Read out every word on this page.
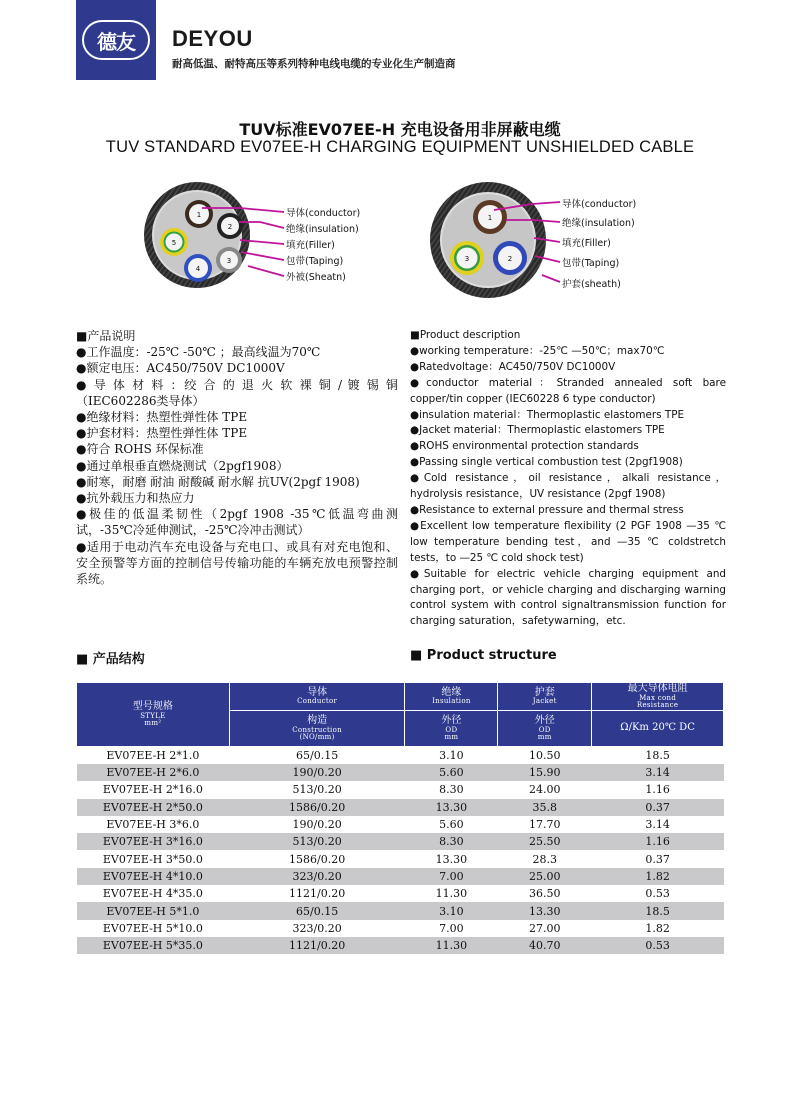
德友	DEYOU
耐高低温、耐特高压等系列特种电线电缆的专业化生产制造商
TUV标准EV07EE-H 充电设备用非屏蔽电缆
TUV STANDARD EV07EE-H CHARGING EQUIPMENT UNSHIELDED CABLE
1
2
3
4
5
导体(conductor)
绝缘(insulation)
填充(Filler)
包带(Taping)
外被(Sheatn)
1
2
3
导体(conductor)
绝缘(insulation)
填充(Filler)
包带(Taping)
护套(sheath)

■产品说明

●工作温度：-25℃ -50℃ ；最高线温为70℃

●额定电压：AC450/750V DC1000V

● 导 体 材 料 ：绞 合 的 退 火 软 裸 铜 / 镀 锡 铜（IEC602286类导体）

●绝缘材料：热塑性弹性体 TPE

●护套材料：热塑性弹性体 TPE

●符合 ROHS 环保标准

●通过单根垂直燃烧测试（2pgf1908）

●耐寒，耐磨 耐油 耐酸碱 耐水解 抗UV(2pgf 1908)

●抗外载压力和热应力

●极佳的低温柔韧性（2pgf 1908 -35℃低温弯曲测试，-35℃冷延伸测试，-25℃冷冲击测试）

●适用于电动汽车充电设备与充电口、或具有对充电饱和、安全预警等方面的控制信号传输功能的车辆充放电预警控制系统。

■Product description

●working temperature：-25℃ —50℃；max70℃

●Ratedvoltage：AC450/750V DC1000V

●conductor material：Stranded annealed soft bare copper/tin copper (IEC60228 6 type conductor)

●insulation material：Thermoplastic elastomers TPE

●Jacket material：Thermoplastic elastomers TPE

●ROHS environmental protection standards

●Passing single vertical combustion test (2pgf1908)

●Cold resistance，oil resistance，alkali resistance，hydrolysis resistance，UV resistance (2pgf 1908)

●Resistance to external pressure and thermal stress

●Excellent low temperature flexibility (2 PGF 1908 —35 ℃ low temperature bending test，and —35 ℃ coldstretch tests，to —25 ℃ cold shock test)

●Suitable for electric vehicle charging equipment and charging port，or vehicle charging and discharging warning control system with control signaltransmission function for charging saturation，safetywarning，etc.

■ 产品结构	■ Product structure
型号规格
STYLE
mm²	导体
Conductor	绝缘
Insulation	护套
Jacket	最大导体电阻
Max cond
Resistance

	构造
Construction
(NO/mm)	外径
OD
mm	外径
OD
mm	Ω/Km 20℃ DC

EV07EE-H 2*1.0	65/0.15	3.10	10.50	18.5
EV07EE-H 2*6.0	190/0.20	5.60	15.90	3.14
EV07EE-H 2*16.0	513/0.20	8.30	24.00	1.16
EV07EE-H 2*50.0	1586/0.20	13.30	35.8	0.37
EV07EE-H 3*6.0	190/0.20	5.60	17.70	3.14
EV07EE-H 3*16.0	513/0.20	8.30	25.50	1.16
EV07EE-H 3*50.0	1586/0.20	13.30	28.3	0.37
EV07EE-H 4*10.0	323/0.20	7.00	25.00	1.82
EV07EE-H 4*35.0	1121/0.20	11.30	36.50	0.53
EV07EE-H 5*1.0	65/0.15	3.10	13.30	18.5
EV07EE-H 5*10.0	323/0.20	7.00	27.00	1.82
EV07EE-H 5*35.0	1121/0.20	11.30	40.70	0.53
